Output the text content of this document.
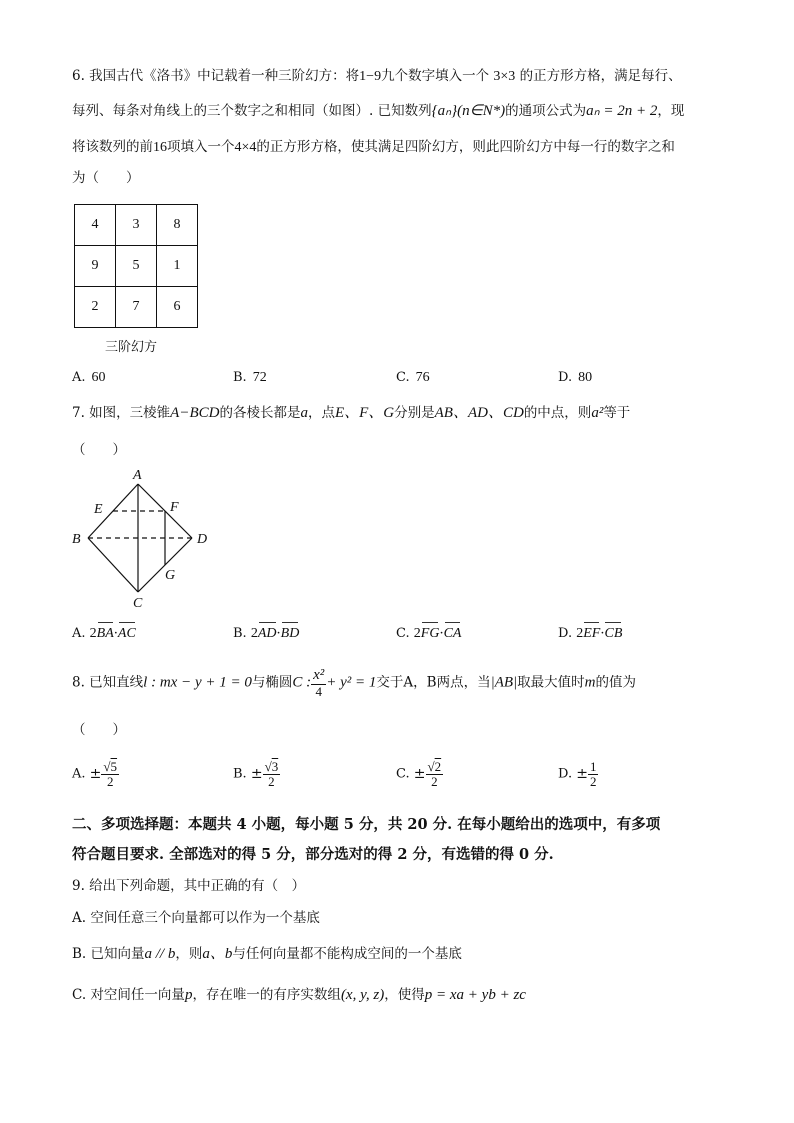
6. 我国古代《洛书》中记载着一种三阶幻方：将1−9九个数字填入一个 3×3 的正方形方格，满足每行、
每列、每条对角线上的三个数字之和相同（如图）. 已知数列{aₙ}(n∈N*)的通项公式为aₙ = 2n + 2，现
将该数列的前16项填入一个4×4的正方形方格，使其满足四阶幻方，则此四阶幻方中每一行的数字之和
为（　　）
4	3	8
9	5	1
2	7	6
三阶幻方
A. 60	B. 72	C. 76	D. 80
7. 如图，三棱锥A−BCD的各棱长都是a，点E、F、G分别是AB、AD、CD的中点，则a²等于
（　　）
A
B
C
D
E	F
G
A. 2BA·AC	B. 2AD·BD	C. 2FG·CA	D. 2EF·CB
8. 已知直线l : mx − y + 1 = 0与椭圆C : $\frac{\text{x²}}{4} + y^2 = 1$交于A，B两点，当|AB|取最大值时m的值为
（　　）
A. ± $\frac{√5}{2}$	B. ± $\frac{√3}{2}$	C. ± $\frac{√2}{2}$	D. ± $\frac{1}{2}$
二、多项选择题：本题共 4 小题，每小题 5 分，共 20 分. 在每小题给出的选项中，有多项
符合题目要求. 全部选对的得 5 分，部分选对的得 2 分，有选错的得 0 分.
9. 给出下列命题，其中正确的有（　）
A. 空间任意三个向量都可以作为一个基底
B. 已知向量a // b，则a、b与任何向量都不能构成空间的一个基底
C. 对空间任一向量p，存在唯一的有序实数组(x, y, z)，使得p = xa + yb + zc
